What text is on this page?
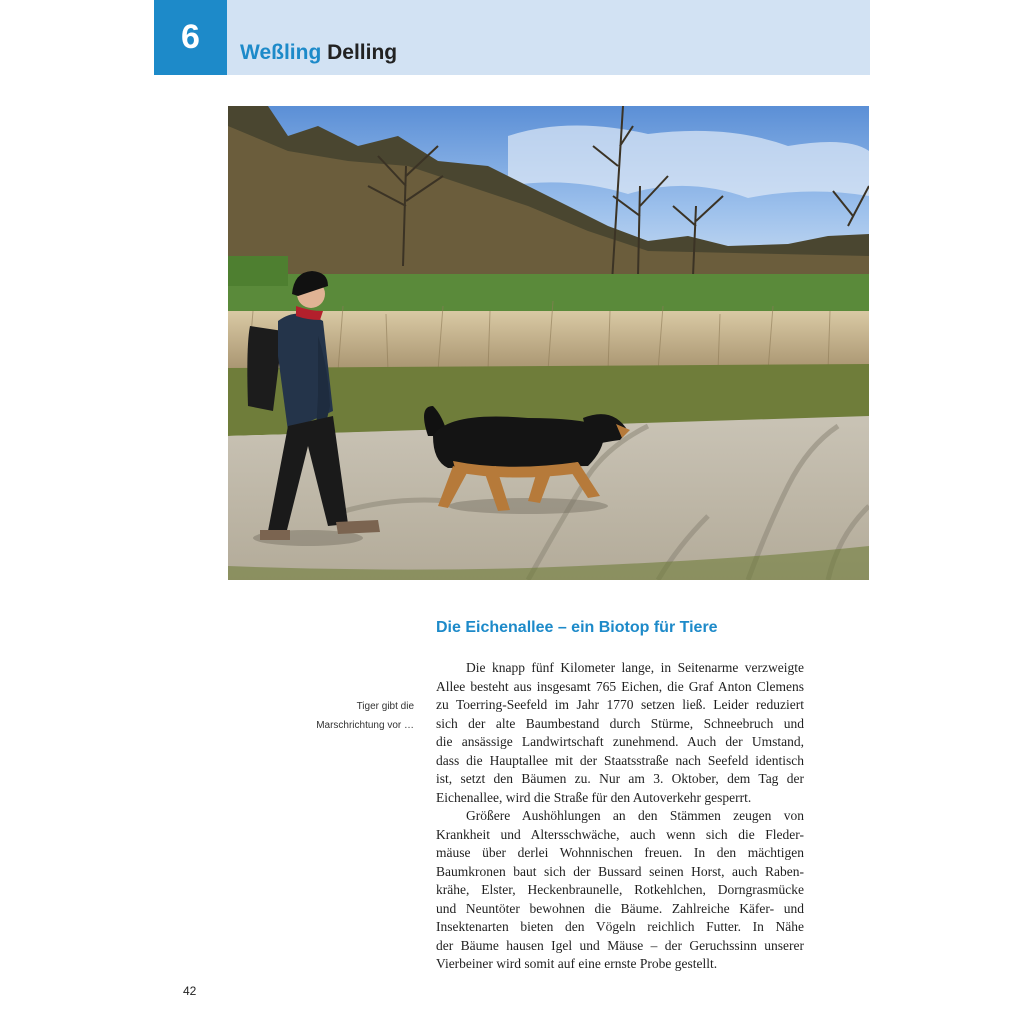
6	Weßling Delling
Tiger gibt die
Marschrichtung vor …
Die Eichenallee – ein Biotop für Tiere
Die knapp fünf Kilometer lange, in Seitenarme verzweigte
Allee besteht aus insgesamt 765 Eichen, die Graf Anton Clemens
zu Toerring-Seefeld im Jahr 1770 setzen ließ. Leider reduziert
sich der alte Baumbestand durch Stürme, Schneebruch und
die ansässige Landwirtschaft zunehmend. Auch der Umstand,
dass die Hauptallee mit der Staatsstraße nach Seefeld identisch
ist, setzt den Bäumen zu. Nur am 3. Oktober, dem Tag der
Eichenallee, wird die Straße für den Autoverkehr gesperrt.
Größere Aushöhlungen an den Stämmen zeugen von
Krankheit und Altersschwäche, auch wenn sich die Fleder-
mäuse über derlei Wohnnischen freuen. In den mächtigen
Baumkronen baut sich der Bussard seinen Horst, auch Raben-
krähe, Elster, Heckenbraunelle, Rotkehlchen, Dorngrasmücke
und Neuntöter bewohnen die Bäume. Zahlreiche Käfer- und
Insektenarten bieten den Vögeln reichlich Futter. In Nähe
der Bäume hausen Igel und Mäuse – der Geruchssinn unserer
Vierbeiner wird somit auf eine ernste Probe gestellt.
42
